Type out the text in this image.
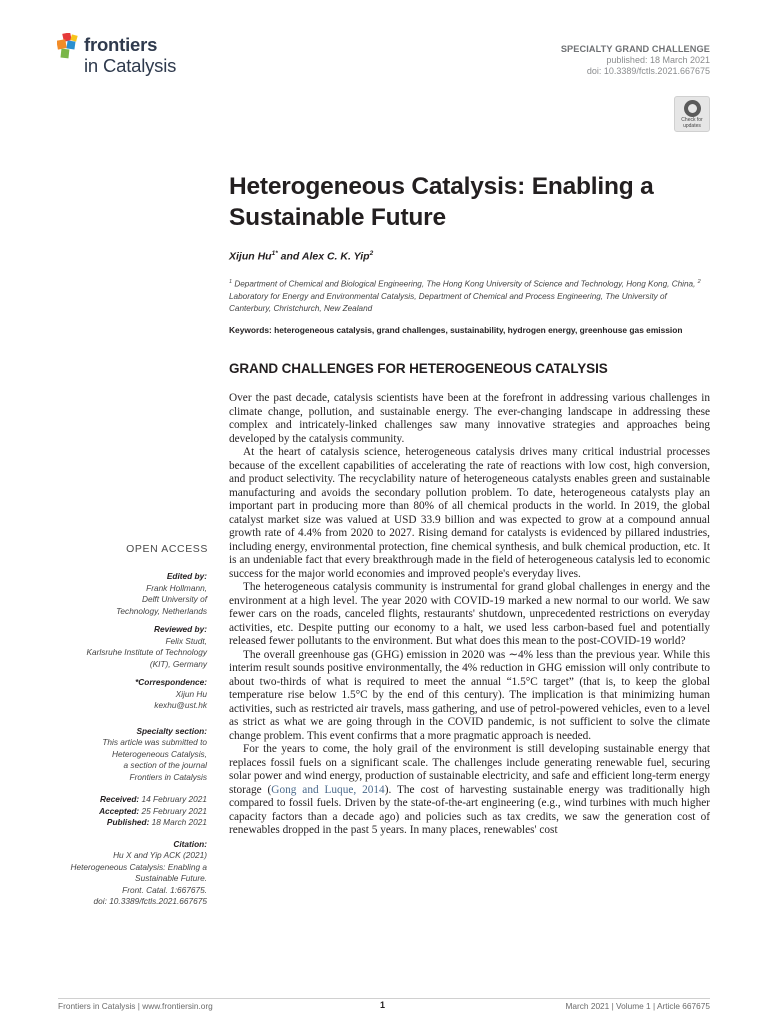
frontiers
in Catalysis
SPECIALTY GRAND CHALLENGE
published: 18 March 2021
doi: 10.3389/fctls.2021.667675
Check for updates
Heterogeneous Catalysis: Enabling a Sustainable Future
Xijun $Hu^{1*}$ and Alex C. K. Yip$^2$
$^1$ Department of Chemical and Biological Engineering, The Hong Kong University of Science and Technology, Hong Kong, China, $^2$ Laboratory for Energy and Environmental Catalysis, Department of Chemical and Process Engineering, The University of Canterbury, Christchurch, New Zealand
Keywords: heterogeneous catalysis, grand challenges, sustainability, hydrogen energy, greenhouse gas emission
GRAND CHALLENGES FOR HETEROGENEOUS CATALYSIS

Over the past decade, catalysis scientists have been at the forefront in addressing various challenges in climate change, pollution, and sustainable energy. The ever-changing landscape in addressing these complex and intricately-linked challenges saw many innovative strategies and approaches being developed by the catalysis community.

At the heart of catalysis science, heterogeneous catalysis drives many critical industrial processes because of the excellent capabilities of accelerating the rate of reactions with low cost, high conversion, and product selectivity. The recyclability nature of heterogeneous catalysts enables green and sustainable manufacturing and avoids the secondary pollution problem. To date, heterogeneous catalysts play an important part in producing more than 80% of all chemical products in the world. In 2019, the global catalyst market size was valued at USD 33.9 billion and was expected to grow at a compound annual growth rate of 4.4% from 2020 to 2027. Rising demand for catalysts is evidenced by pillared industries, including energy, environmental protection, fine chemical synthesis, and bulk chemical production, etc. It is an undeniable fact that every breakthrough made in the field of heterogeneous catalysis led to economic success for the major world economies and improved people's everyday lives.

The heterogeneous catalysis community is instrumental for grand global challenges in energy and the environment at a high level. The year 2020 with COVID-19 marked a new normal to our world. We saw fewer cars on the roads, canceled flights, restaurants' shutdown, unprecedented restrictions on everyday activities, etc. Despite putting our economy to a halt, we used less carbon-based fuel and potentially released fewer pollutants to the environment. But what does this mean to the post-COVID-19 world?

The overall greenhouse gas (GHG) emission in 2020 was ∼4% less than the previous year. While this interim result sounds positive environmentally, the 4% reduction in GHG emission will only contribute to about two-thirds of what is required to meet the annual “1.5°C target” (that is, to keep the global temperature rise below 1.5°C by the end of this century). The implication is that minimizing human activities, such as restricted air travels, mass gathering, and use of petrol-powered vehicles, even to a level as strict as what we are going through in the COVID pandemic, is not sufficient to solve the climate change problem. This event confirms that a more pragmatic approach is needed.

For the years to come, the holy grail of the environment is still developing sustainable energy that replaces fossil fuels on a significant scale. The challenges include generating renewable fuel, securing solar power and wind energy, production of sustainable electricity, and safe and efficient long-term energy storage (Gong and Luque, 2014). The cost of harvesting sustainable energy was traditionally high compared to fossil fuels. Driven by the state-of-the-art engineering (e.g., wind turbines with much higher capacity factors than a decade ago) and policies such as tax credits, we saw the generation cost of renewables dropped in the past 5 years. In many places, renewables' cost

OPEN ACCESS
Edited by:
Frank Hollmann,
Delft University of
Technology, Netherlands
Reviewed by:
Felix Studt,
Karlsruhe Institute of Technology
(KIT), Germany
*Correspondence:
Xijun Hu
kexhu@ust.hk
Specialty section:
This article was submitted to
Heterogeneous Catalysis,
a section of the journal
Frontiers in Catalysis
Received: 14 February 2021
Accepted: 25 February 2021
Published: 18 March 2021
Citation:
Hu X and Yip ACK (2021)
Heterogeneous Catalysis: Enabling a
Sustainable Future.
Front. Catal. 1:667675.
doi: 10.3389/fctls.2021.667675
Frontiers in Catalysis | www.frontiersin.org	1	March 2021 | Volume 1 | Article 667675
